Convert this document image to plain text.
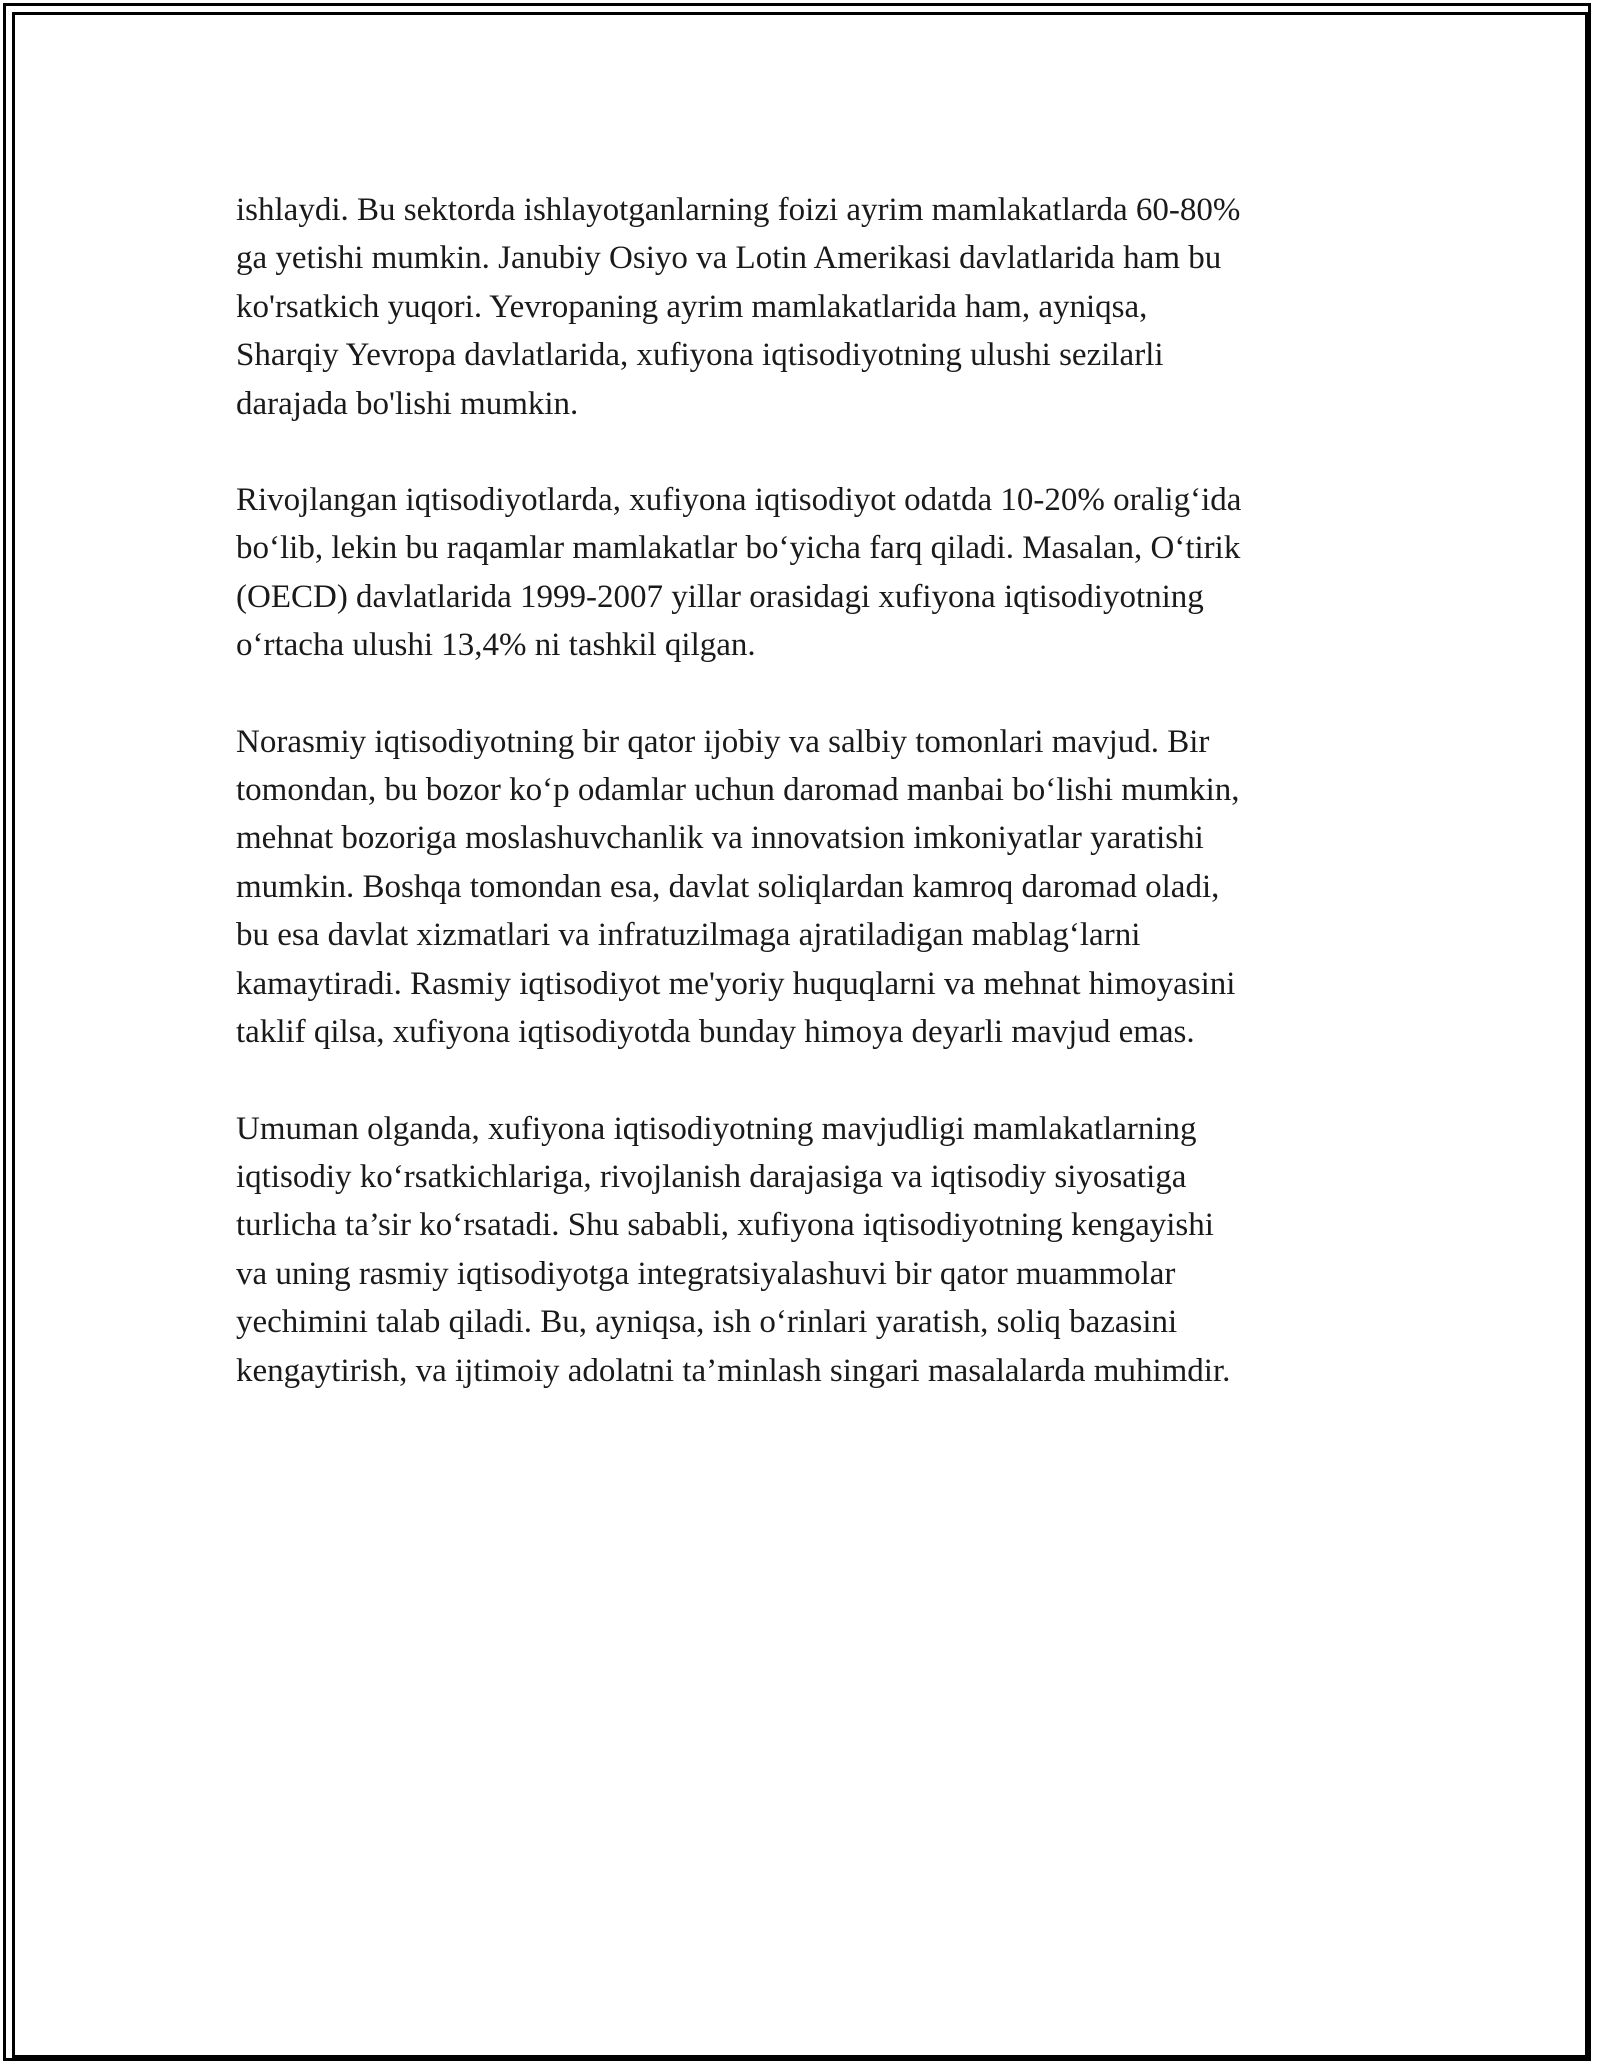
ishlaydi. Bu sektorda ishlayotganlarning foizi ayrim mamlakatlarda 60-80%
ga yetishi mumkin. Janubiy Osiyo va Lotin Amerikasi davlatlarida ham bu
ko'rsatkich yuqori. Yevropaning ayrim mamlakatlarida ham, ayniqsa,
Sharqiy Yevropa davlatlarida, xufiyona iqtisodiyotning ulushi sezilarli
darajada bo'lishi mumkin.

Rivojlangan iqtisodiyotlarda, xufiyona iqtisodiyot odatda 10-20% oralig‘ida
bo‘lib, lekin bu raqamlar mamlakatlar bo‘yicha farq qiladi. Masalan, O‘tirik
(OECD) davlatlarida 1999-2007 yillar orasidagi xufiyona iqtisodiyotning
o‘rtacha ulushi 13,4% ni tashkil qilgan.

Norasmiy iqtisodiyotning bir qator ijobiy va salbiy tomonlari mavjud. Bir
tomondan, bu bozor ko‘p odamlar uchun daromad manbai bo‘lishi mumkin,
mehnat bozoriga moslashuvchanlik va innovatsion imkoniyatlar yaratishi
mumkin. Boshqa tomondan esa, davlat soliqlardan kamroq daromad oladi,
bu esa davlat xizmatlari va infratuzilmaga ajratiladigan mablag‘larni
kamaytiradi. Rasmiy iqtisodiyot me'yoriy huquqlarni va mehnat himoyasini
taklif qilsa, xufiyona iqtisodiyotda bunday himoya deyarli mavjud emas.

Umuman olganda, xufiyona iqtisodiyotning mavjudligi mamlakatlarning
iqtisodiy ko‘rsatkichlariga, rivojlanish darajasiga va iqtisodiy siyosatiga
turlicha ta’sir ko‘rsatadi. Shu sababli, xufiyona iqtisodiyotning kengayishi
va uning rasmiy iqtisodiyotga integratsiyalashuvi bir qator muammolar
yechimini talab qiladi. Bu, ayniqsa, ish o‘rinlari yaratish, soliq bazasini
kengaytirish, va ijtimoiy adolatni ta’minlash singari masalalarda muhimdir.
